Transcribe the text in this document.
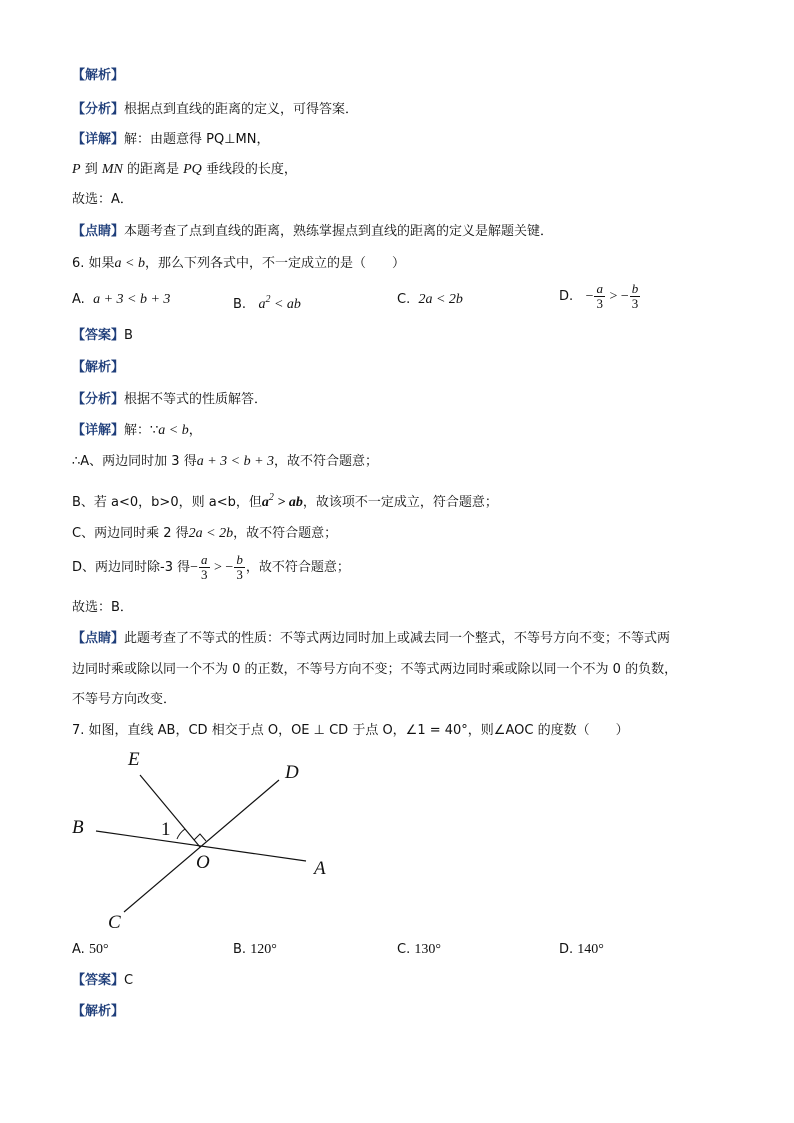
【解析】
【分析】根据点到直线的距离的定义，可得答案．
【详解】解：由题意得 PQ⊥MN，
P 到 MN 的距离是 PQ 垂线段的长度，
故选：A．
【点睛】本题考查了点到直线的距离，熟练掌握点到直线的距离的定义是解题关键．
6. 如果a < b，那么下列各式中，不一定成立的是（　　）
A. a + 3 < b + 3	B. $a^2$ < ab	C. 2a < 2b	D. − $\frac{a}{3}$ > − $\frac{b}{3}$
【答案】B
【解析】
【分析】根据不等式的性质解答．
【详解】解：∵a < b，
∴A、两边同时加 3 得a + 3 < b + 3，故不符合题意；
B、若 a<0，b>0，则 a<b，但$a^2$ > ab，故该项不一定成立，符合题意；
C、两边同时乘 2 得2a < 2b，故不符合题意；
D、两边同时除-3 得− $\frac{a}{3}$ > − $\frac{b}{3}$ ，故不符合题意；
故选：B．
【点睛】此题考查了不等式的性质：不等式两边同时加上或减去同一个整式，不等号方向不变；不等式两
边同时乘或除以同一个不为 0 的正数，不等号方向不变；不等式两边同时乘或除以同一个不为 0 的负数，
不等号方向改变．
7. 如图，直线 AB，CD 相交于点 O，OE ⊥ CD 于点 O，∠1 = 40°，则∠AOC 的度数（　　）
E
D
B	1
O	A
C
A. 50°	B. 120°	C. 130°	D. 140°
【答案】C
【解析】
